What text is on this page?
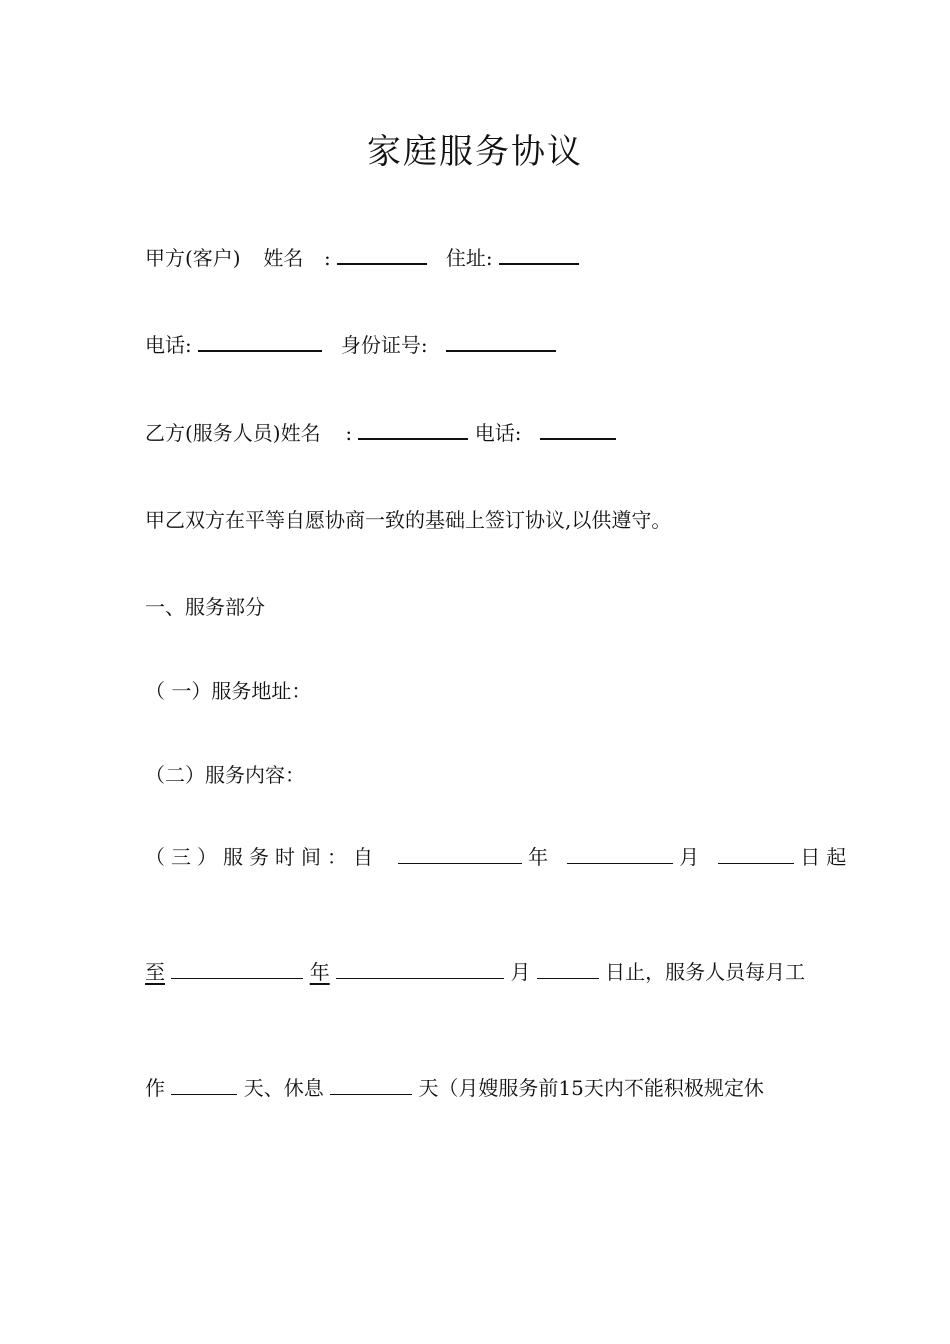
家庭服务协议
甲方(客户) 姓名 :	住址:
电话:	身份证号:
乙方(服务人员)姓名 :	电话:
甲乙双方在平等自愿协商一致的基础上签订协议,以供遵守。
一、服务部分
（ 一）服务地址：
（二）服务内容：
（三）服务时间：自	年	月	日起
至	年	月	日止，服务人员每月工
作	天、休息	天（月嫂服务前15天内不能积极规定休
